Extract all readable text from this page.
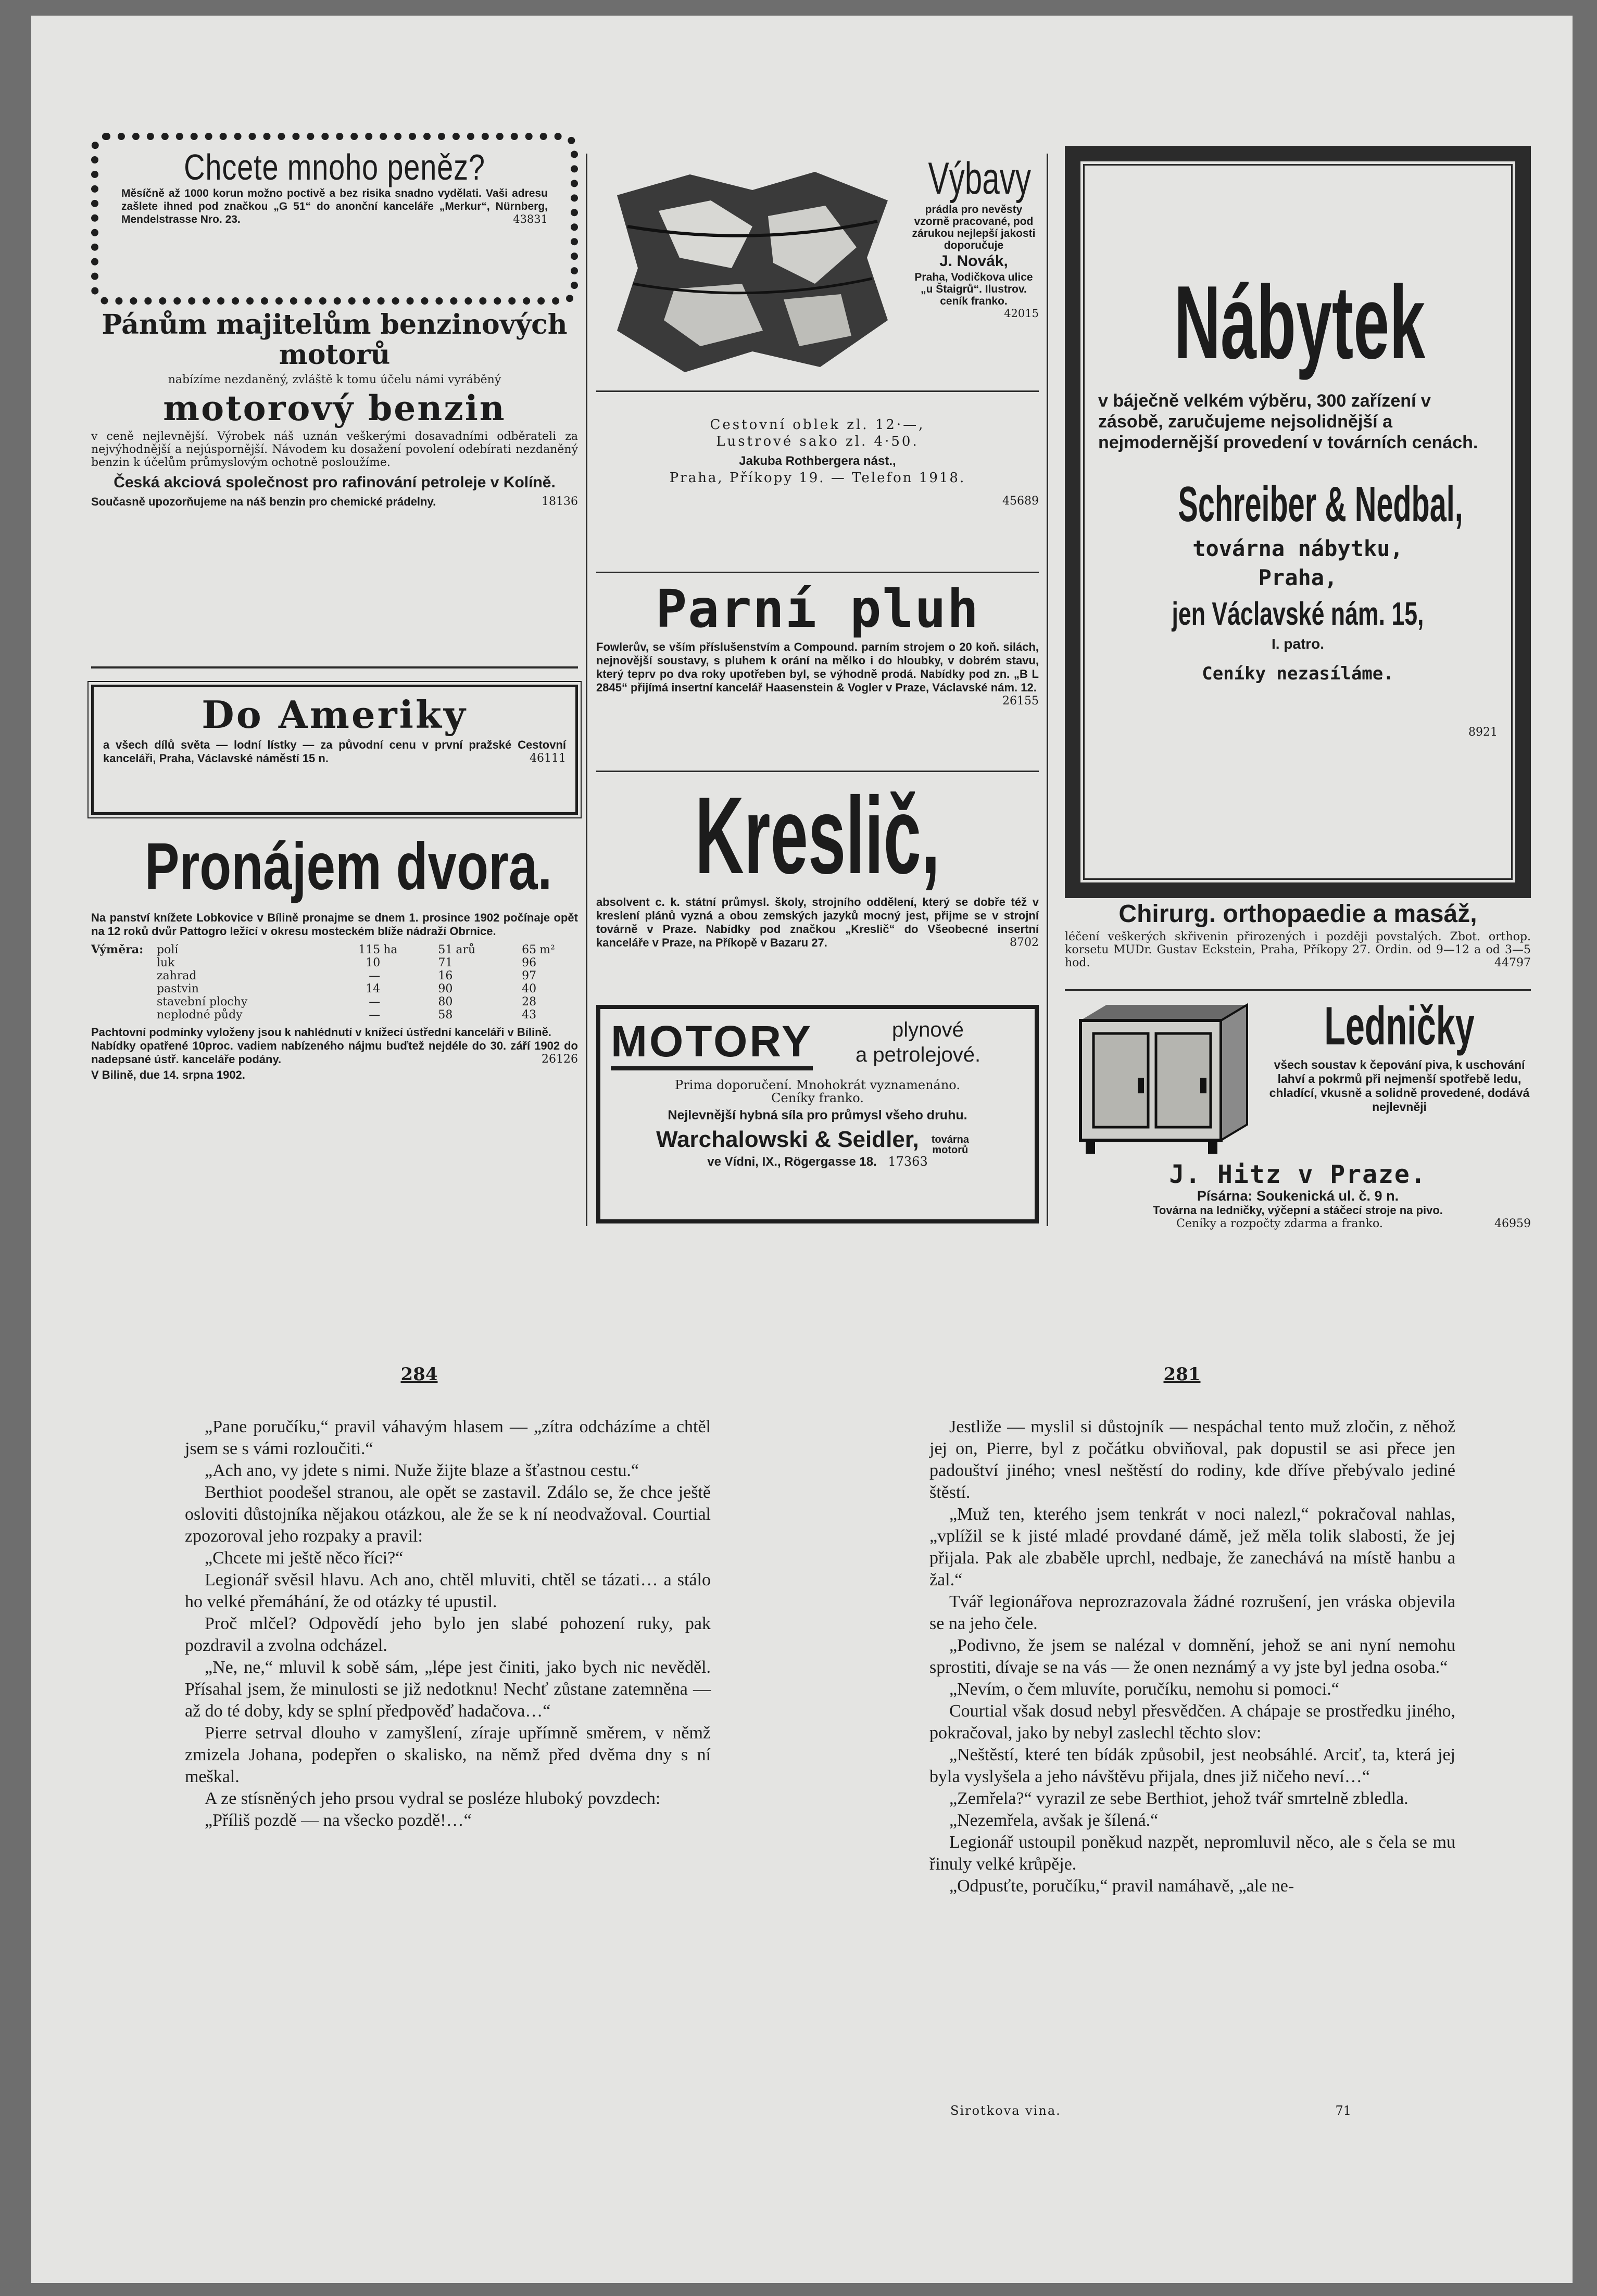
Chcete mnoho peněz?
Měsíčně až 1000 korun možno poctivě a bez risika snadno vydělati. Vaši adresu zašlete ihned pod značkou „G 51“ do anonční kanceláře „Merkur“, Nürnberg, Mendelstrasse Nro. 23.	43831
Pánům majitelům benzinových motorů
nabízíme nezdaněný, zvláště k tomu účelu námi vyráběný
motorový benzin
v ceně nejlevnější. Výrobek náš uznán veškerými dosavadními odběrateli za nejvýhodnější a nejúspornější. Návodem ku dosažení povolení odebírati nezdaněný benzin k účelům průmyslovým ochotně posloužíme.
Česká akciová společnost pro rafinování petroleje v Kolíně.
Současně upozorňujeme na náš benzin pro chemické prádelny.	18136
Do Ameriky
a všech dílů světa — lodní lístky — za původní cenu v první pražské Cestovní kanceláři, Praha, Václavské náměstí 15 n.	46111
Pronájem dvora.
Na panství knížete Lobkovice v Bílině pronajme se dnem 1. prosince 1902 počínaje opět na 12 roků dvůr Pattogro ležící v okresu mosteckém blíže nádraží Obrnice.
Výměra:	polí	115	ha	51	arů	65	m²
	luk	10		71		96	
	zahrad	—		16		97	
	pastvin	14		90		40	
	stavební plochy	—		80		28	
	neplodné půdy	—		58		43	
Pachtovní podmínky vyloženy jsou k nahlédnutí v knížecí ústřední kanceláři v Bílině.
Nabídky opatřené 10proc. vadiem nabízeného nájmu buďtež nejdéle do 30. září 1902 do nadepsané ústř. kanceláře podány.	26126
V Bilině, due 14. srpna 1902.
Výbavy
prádla pro nevěsty vzorně pracované, pod zárukou nejlepší jakosti doporučuje
J. Novák,
Praha, Vodičkova ulice „u Štaigrů“. Ilustrov. ceník franko.
42015
Cestovní oblek zl. 12·—,
Lustrové sako zl. 4·50.
Jakuba Rothbergera nást.,
Praha, Příkopy 19. — Telefon 1918.
45689
Parní pluh
Fowlerův, se vším příslušenstvím a Compound. parním strojem o 20 koň. silách, nejnovější soustavy, s pluhem k orání na mělko i do hloubky, v dobrém stavu, který teprv po dva roky upotřeben byl, se výhodně prodá. Nabídky pod zn. „B L 2845“ přijímá insertní kancelář Haasenstein & Vogler v Praze, Václavské nám. 12.
26155
Kreslič,
absolvent c. k. státní průmysl. školy, strojního oddělení, který se dobře též v kreslení plánů vyzná a obou zemských jazyků mocný jest, přijme se v strojní továrně v Praze. Nabídky pod značkou „Kreslič“ do Všeobecné insertní kanceláře v Praze, na Příkopě v Bazaru 27.	8702
MOTORY	plynové
a petrolejové.
Prima doporučení. Mnohokrát vyznamenáno.
Ceníky franko.
Nejlevnější hybná síla pro průmysl všeho druhu.
Warchalowski & Seidler, továrna motorů
ve Vídni, IX., Rögergasse 18. 17363
Nábytek
v báječně velkém výběru, 300 zařízení v zásobě, zaručujeme nejsolidnější a nejmodernější provedení v továrních cenách.
Schreiber & Nedbal,
továrna nábytku,
Praha,
jen Václavské nám. 15,
I. patro.
Ceníky nezasíláme.
8921
Chirurg. orthopaedie a masáž,
léčení veškerých skřivenin přirozených i později povstalých. Zbot. orthop. korsetu MUDr. Gustav Eckstein, Praha, Příkopy 27. Ordin. od 9—12 a od 3—5 hod.	44797
Ledničky
všech soustav k čepování piva, k uschování lahví a pokrmů při nejmenší spotřebě ledu, chladící, vkusně a solidně provedené, dodává nejlevněji
J. Hitz v Praze.
Písárna: Soukenická ul. č. 9 n.
Továrna na ledničky, výčepní a stáčecí stroje na pivo.
Ceníky a rozpočty zdarma a franko.	46959
284	281

„Pane poručíku,“ pravil váhavým hlasem — „zítra odcházíme a chtěl jsem se s vámi rozloučiti.“

„Ach ano, vy jdete s nimi. Nuže žijte blaze a šťastnou cestu.“

Berthiot poodešel stranou, ale opět se zastavil. Zdálo se, že chce ještě osloviti důstojníka nějakou otázkou, ale že se k ní neodvažoval. Courtial zpozoroval jeho rozpaky a pravil:

„Chcete mi ještě něco říci?“

Legionář svěsil hlavu. Ach ano, chtěl mluviti, chtěl se tázati… a stálo ho velké přemáhání, že od otázky té upustil.

Proč mlčel? Odpovědí jeho bylo jen slabé pohození ruky, pak pozdravil a zvolna odcházel.

„Ne, ne,“ mluvil k sobě sám, „lépe jest činiti, jako bych nic nevěděl. Přísahal jsem, že minulosti se již nedotknu! Nechť zůstane zatemněna — až do té doby, kdy se splní předpověď hadačova…“

Pierre setrval dlouho v zamyšlení, zíraje upřímně směrem, v němž zmizela Johana, podepřen o skalisko, na němž před dvěma dny s ní meškal.

A ze stísněných jeho prsou vydral se posléze hluboký povzdech:

„Příliš pozdě — na všecko pozdě!…“

Jestliže — myslil si důstojník — nespáchal tento muž zločin, z něhož jej on, Pierre, byl z počátku obviňoval, pak dopustil se asi přece jen padouštví jiného; vnesl neštěstí do rodiny, kde dříve přebývalo jediné štěstí.

„Muž ten, kterého jsem tenkrát v noci nalezl,“ pokračoval nahlas, „vplížil se k jisté mladé provdané dámě, jež měla tolik slabosti, že jej přijala. Pak ale zbaběle uprchl, nedbaje, že zanechává na místě hanbu a žal.“

Tvář legionářova neprozrazovala žádné rozrušení, jen vráska objevila se na jeho čele.

„Podivno, že jsem se nalézal v domnění, jehož se ani nyní nemohu sprostiti, dívaje se na vás — že onen neznámý a vy jste byl jedna osoba.“

„Nevím, o čem mluvíte, poručíku, nemohu si pomoci.“

Courtial však dosud nebyl přesvědčen. A chápaje se prostředku jiného, pokračoval, jako by nebyl zaslechl těchto slov:

„Neštěstí, které ten bídák způsobil, jest neobsáhlé. Arciť, ta, která jej byla vyslyšela a jeho návštěvu přijala, dnes již ničeho neví…“

„Zemřela?“ vyrazil ze sebe Berthiot, jehož tvář smrtelně zbledla.

„Nezemřela, avšak je šílená.“

Legionář ustoupil poněkud nazpět, nepromluvil něco, ale s čela se mu řinuly velké krůpěje.

„Odpusťte, poručíku,“ pravil namáhavě, „ale ne-

Sirotkova vina.	71
